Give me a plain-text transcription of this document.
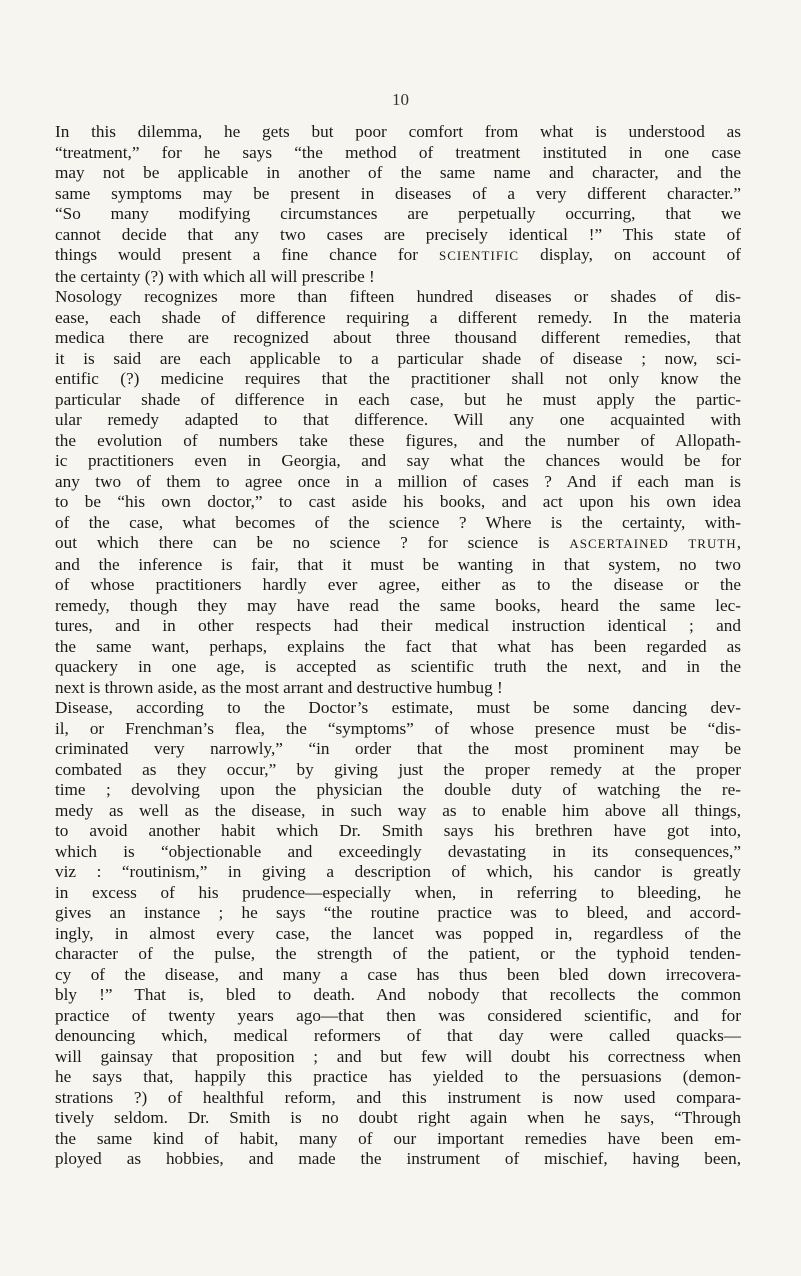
10
In this dilemma, he gets but poor comfort from what is understood as
“treatment,” for he says “the method of treatment instituted in one case
may not be applicable in another of the same name and character, and the
same symptoms may be present in diseases of a very different character.”
“So many modifying circumstances are perpetually occurring, that we
cannot decide that any two cases are precisely identical !” This state of
things would present a fine chance for SCIENTIFIC display, on account of
the certainty (?) with which all will prescribe !
Nosology recognizes more than fifteen hundred diseases or shades of dis-
ease, each shade of difference requiring a different remedy. In the materia
medica there are recognized about three thousand different remedies, that
it is said are each applicable to a particular shade of disease ; now, sci-
entific (?) medicine requires that the practitioner shall not only know the
particular shade of difference in each case, but he must apply the partic-
ular remedy adapted to that difference. Will any one acquainted with
the evolution of numbers take these figures, and the number of Allopath-
ic practitioners even in Georgia, and say what the chances would be for
any two of them to agree once in a million of cases ? And if each man is
to be “his own doctor,” to cast aside his books, and act upon his own idea
of the case, what becomes of the science ? Where is the certainty, with-
out which there can be no science ? for science is ASCERTAINED TRUTH,
and the inference is fair, that it must be wanting in that system, no two
of whose practitioners hardly ever agree, either as to the disease or the
remedy, though they may have read the same books, heard the same lec-
tures, and in other respects had their medical instruction identical ; and
the same want, perhaps, explains the fact that what has been regarded as
quackery in one age, is accepted as scientific truth the next, and in the
next is thrown aside, as the most arrant and destructive humbug !
Disease, according to the Doctor’s estimate, must be some dancing dev-
il, or Frenchman’s flea, the “symptoms” of whose presence must be “dis-
criminated very narrowly,” “in order that the most prominent may be
combated as they occur,” by giving just the proper remedy at the proper
time ; devolving upon the physician the double duty of watching the re-
medy as well as the disease, in such way as to enable him above all things,
to avoid another habit which Dr. Smith says his brethren have got into,
which is “objectionable and exceedingly devastating in its consequences,”
viz : “routinism,” in giving a description of which, his candor is greatly
in excess of his prudence—especially when, in referring to bleeding, he
gives an instance ; he says “the routine practice was to bleed, and accord-
ingly, in almost every case, the lancet was popped in, regardless of the
character of the pulse, the strength of the patient, or the typhoid tenden-
cy of the disease, and many a case has thus been bled down irrecovera-
bly !” That is, bled to death. And nobody that recollects the common
practice of twenty years ago—that then was considered scientific, and for
denouncing which, medical reformers of that day were called quacks—
will gainsay that proposition ; and but few will doubt his correctness when
he says that, happily this practice has yielded to the persuasions (demon-
strations ?) of healthful reform, and this instrument is now used compara-
tively seldom. Dr. Smith is no doubt right again when he says, “Through
the same kind of habit, many of our important remedies have been em-
ployed as hobbies, and made the instrument of mischief, having been,
